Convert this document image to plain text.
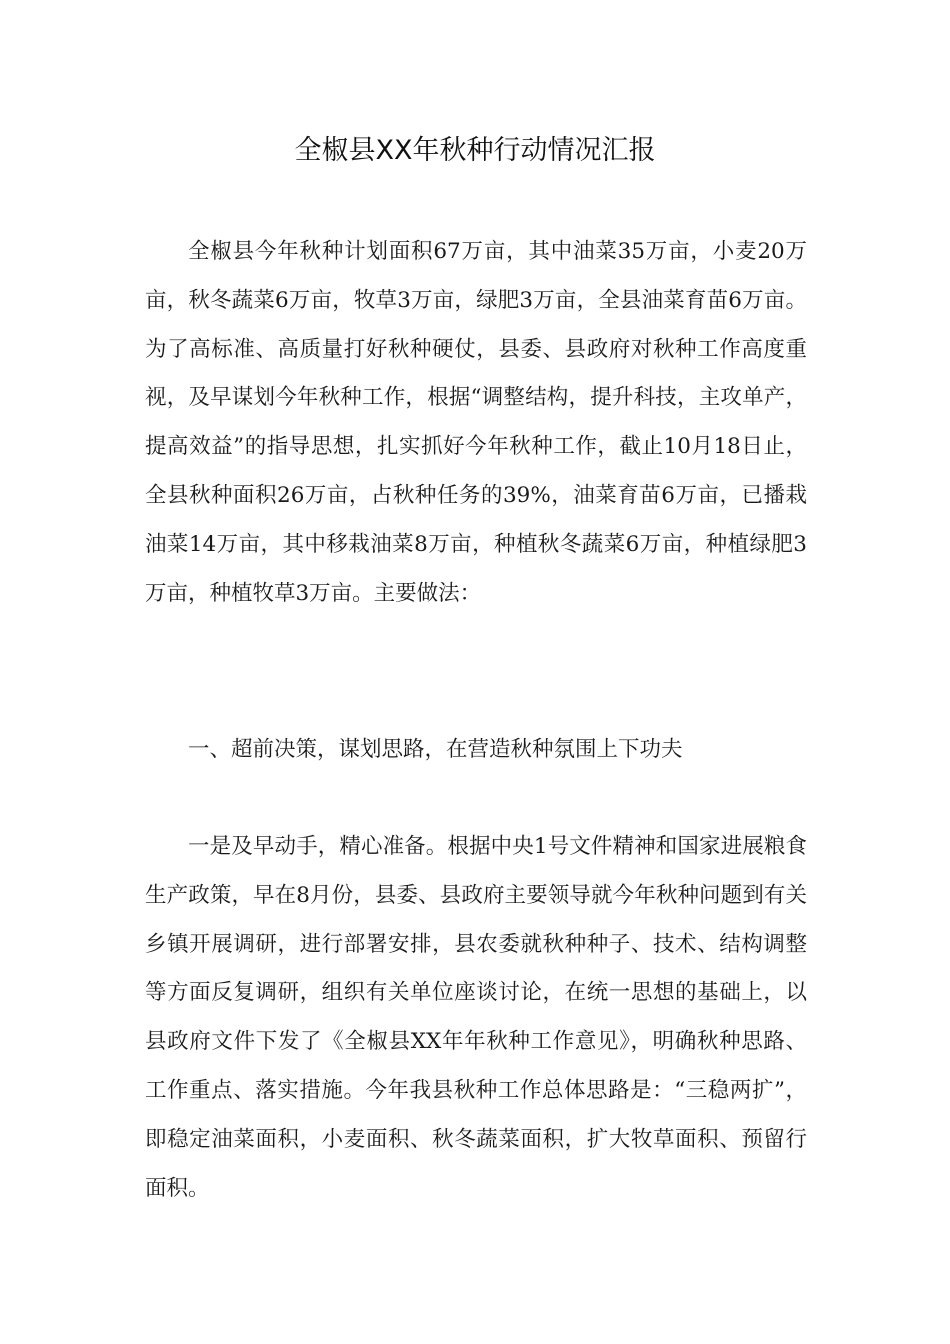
全椒县XX年秋种行动情况汇报
全椒县今年秋种计划面积67万亩，其中油菜35万亩，小麦20万亩，秋冬蔬菜6万亩，牧草3万亩，绿肥3万亩，全县油菜育苗6万亩。为了高标准、高质量打好秋种硬仗，县委、县政府对秋种工作高度重视，及早谋划今年秋种工作，根据“调整结构，提升科技，主攻单产，提高效益”的指导思想，扎实抓好今年秋种工作，截止10月18日止，全县秋种面积26万亩，占秋种任务的39%，油菜育苗6万亩，已播栽油菜14万亩，其中移栽油菜8万亩，种植秋冬蔬菜6万亩，种植绿肥3万亩，种植牧草3万亩。主要做法：
一、超前决策，谋划思路，在营造秋种氛围上下功夫
一是及早动手，精心准备。根据中央1号文件精神和国家进展粮食生产政策，早在8月份，县委、县政府主要领导就今年秋种问题到有关乡镇开展调研，进行部署安排，县农委就秋种种子、技术、结构调整等方面反复调研，组织有关单位座谈讨论，在统一思想的基础上，以县政府文件下发了《全椒县XX年年秋种工作意见》，明确秋种思路、工作重点、落实措施。今年我县秋种工作总体思路是：“三稳两扩”，即稳定油菜面积，小麦面积、秋冬蔬菜面积，扩大牧草面积、预留行面积。
